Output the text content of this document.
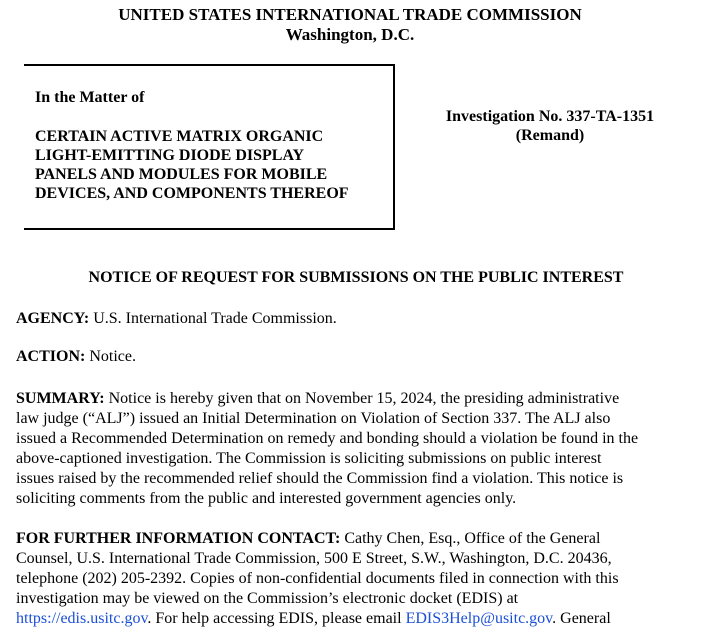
UNITED STATES INTERNATIONAL TRADE COMMISSION
Washington, D.C.
In the Matter of
CERTAIN ACTIVE MATRIX ORGANIC
LIGHT-EMITTING DIODE DISPLAY
PANELS AND MODULES FOR MOBILE
DEVICES, AND COMPONENTS THEREOF
Investigation No. 337-TA-1351
(Remand)
NOTICE OF REQUEST FOR SUBMISSIONS ON THE PUBLIC INTEREST
AGENCY: U.S. International Trade Commission.
ACTION: Notice.
SUMMARY: Notice is hereby given that on November 15, 2024, the presiding administrative
law judge (“ALJ”) issued an Initial Determination on Violation of Section 337. The ALJ also
issued a Recommended Determination on remedy and bonding should a violation be found in the
above-captioned investigation. The Commission is soliciting submissions on public interest
issues raised by the recommended relief should the Commission find a violation. This notice is
soliciting comments from the public and interested government agencies only.
FOR FURTHER INFORMATION CONTACT: Cathy Chen, Esq., Office of the General
Counsel, U.S. International Trade Commission, 500 E Street, S.W., Washington, D.C. 20436,
telephone (202) 205-2392. Copies of non-confidential documents filed in connection with this
investigation may be viewed on the Commission’s electronic docket (EDIS) at
https://edis.usitc.gov. For help accessing EDIS, please email EDIS3Help@usitc.gov. General
